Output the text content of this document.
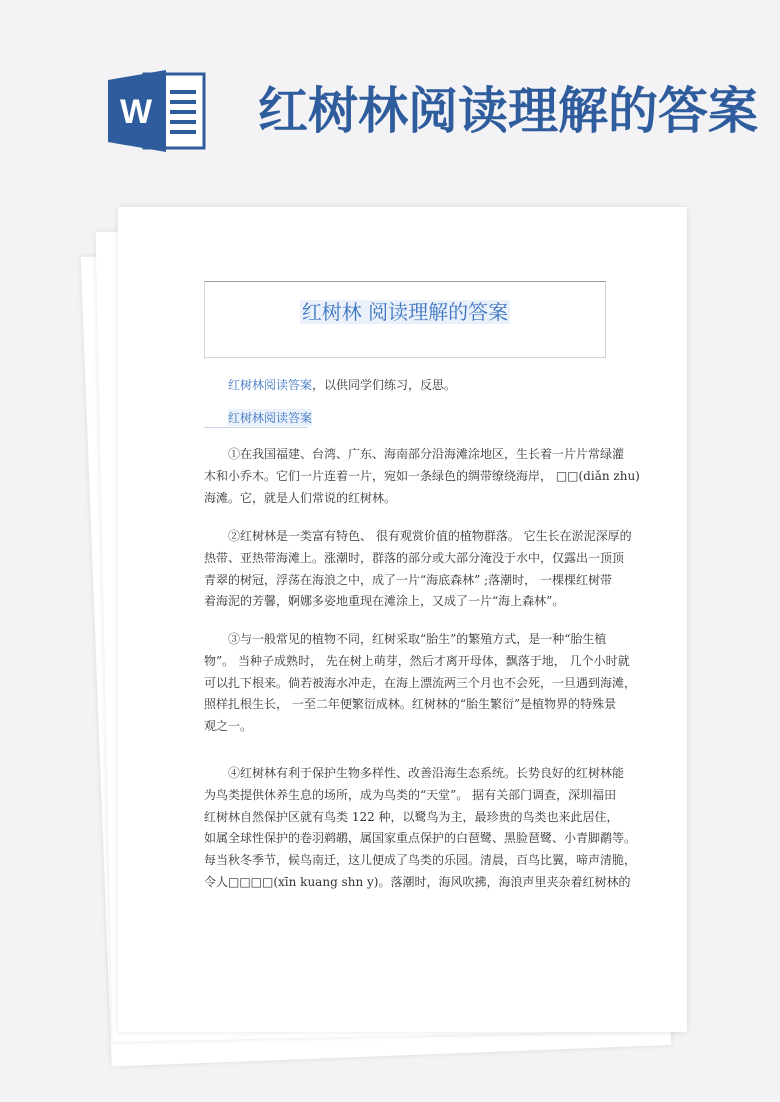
W 红树林阅读理解的答案
红树林 阅读理解的答案
红树林阅读答案，以供同学们练习，反思。
红树林阅读答案
①在我国福建、台湾、广东、海南部分沿海滩涂地区，生长着一片片常绿灌
木和小乔木。它们一片连着一片，宛如一条绿色的绸带缭绕海岸， □□(diǎn zhu)
海滩。它，就是人们常说的红树林。
②红树林是一类富有特色、 很有观赏价值的植物群落。 它生长在淤泥深厚的
热带、亚热带海滩上。涨潮时，群落的部分或大部分淹没于水中，仅露出一顶顶
青翠的树冠，浮荡在海浪之中，成了一片“海底森林” ;落潮时， 一棵棵红树带
着海泥的芳馨，婀娜多姿地重现在滩涂上，又成了一片“海上森林”。
③与一般常见的植物不同，红树采取“胎生”的繁殖方式，是一种“胎生植
物”。 当种子成熟时， 先在树上萌芽，然后才离开母体，飘落于地， 几个小时就
可以扎下根来。倘若被海水冲走，在海上漂流两三个月也不会死，一旦遇到海滩，
照样扎根生长， 一至二年便繁衍成林。红树林的“胎生繁衍”是植物界的特殊景
观之一。
④红树林有利于保护生物多样性、改善沿海生态系统。长势良好的红树林能
为鸟类提供休养生息的场所，成为鸟类的“天堂”。 据有关部门调查，深圳福田
红树林自然保护区就有鸟类 122 种，以鹭鸟为主，最珍贵的鸟类也来此居住，
如属全球性保护的卷羽鹈鹕，属国家重点保护的白琶鹭、黑脸琶鹭、小青脚鹬等。
每当秋冬季节，候鸟南迁，这儿便成了鸟类的乐园。清晨，百鸟比翼，啼声清脆，
令人□□□□(xīn kuang shn y)。落潮时，海风吹拂，海浪声里夹杂着红树林的
